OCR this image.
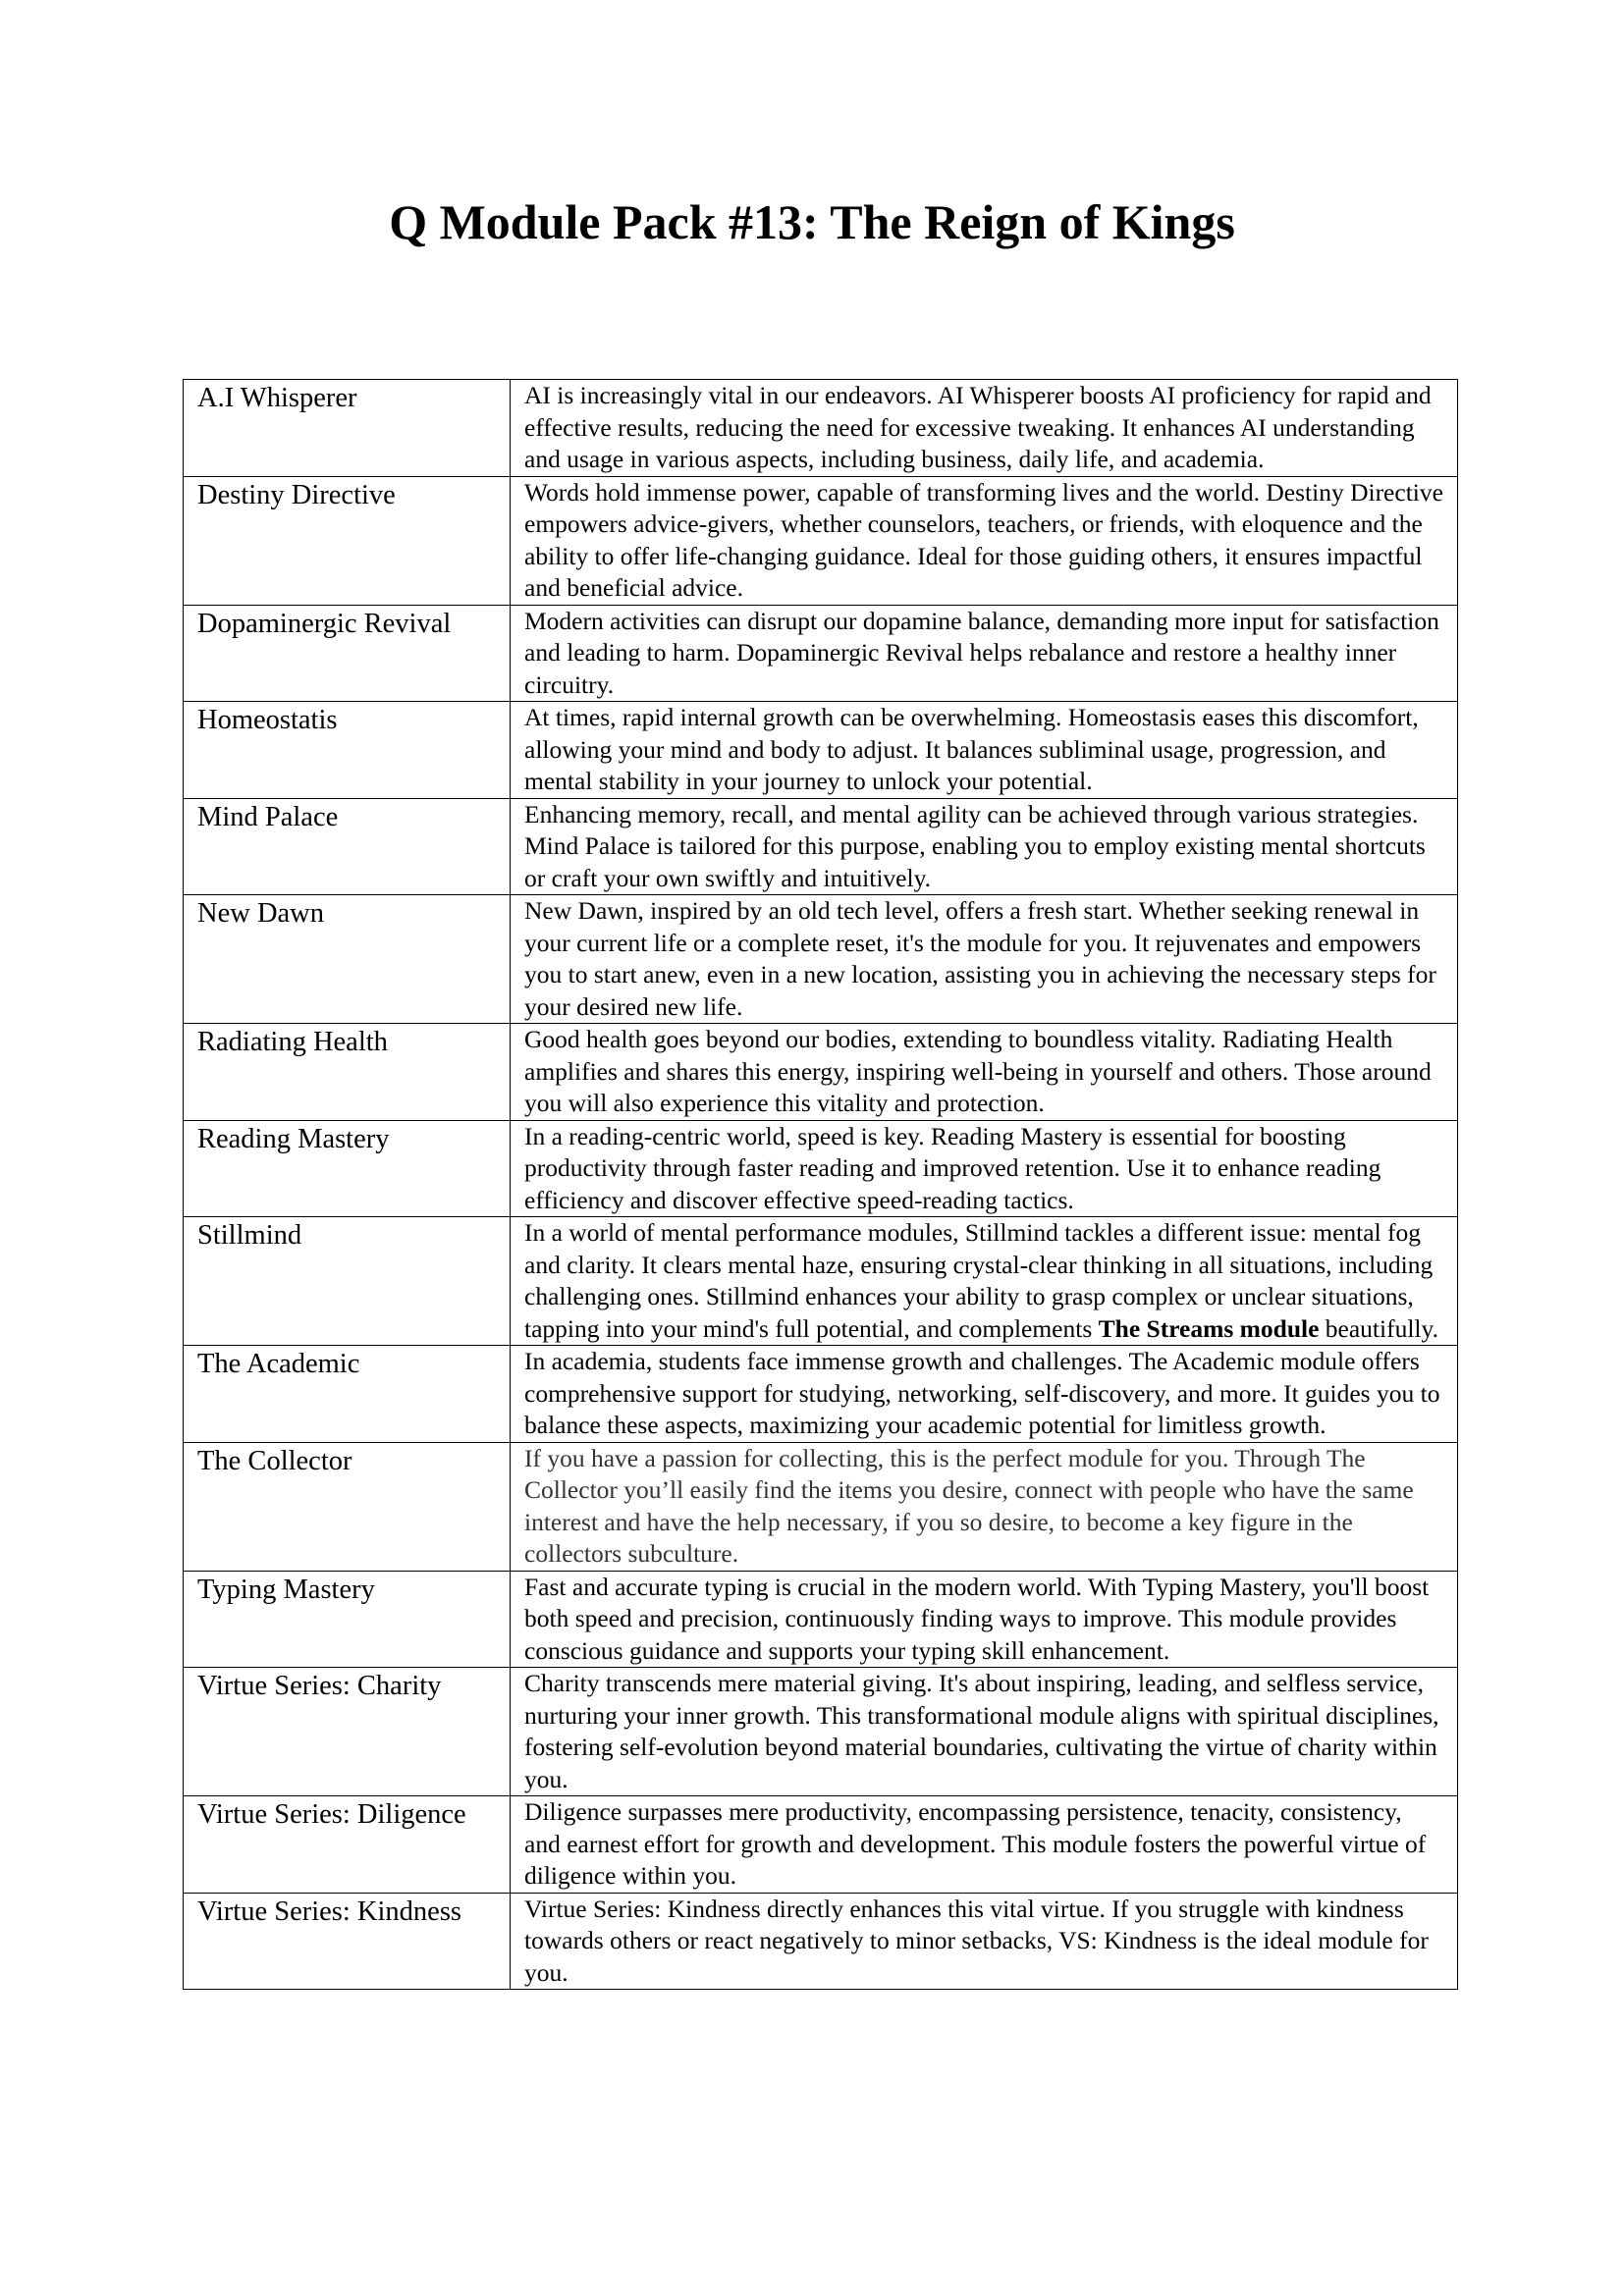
Q Module Pack #13: The Reign of Kings
A.I Whisperer	AI is increasingly vital in our endeavors. AI Whisperer boosts AI proficiency for rapid and effective results, reducing the need for excessive tweaking. It enhances AI understanding and usage in various aspects, including business, daily life, and academia.
Destiny Directive	Words hold immense power, capable of transforming lives and the world. Destiny Directive empowers advice-givers, whether counselors, teachers, or friends, with eloquence and the ability to offer life-changing guidance. Ideal for those guiding others, it ensures impactful and beneficial advice.
Dopaminergic Revival	Modern activities can disrupt our dopamine balance, demanding more input for satisfaction and leading to harm. Dopaminergic Revival helps rebalance and restore a healthy inner circuitry.
Homeostatis	At times, rapid internal growth can be overwhelming. Homeostasis eases this discomfort, allowing your mind and body to adjust. It balances subliminal usage, progression, and mental stability in your journey to unlock your potential.
Mind Palace	Enhancing memory, recall, and mental agility can be achieved through various strategies. Mind Palace is tailored for this purpose, enabling you to employ existing mental shortcuts or craft your own swiftly and intuitively.
New Dawn	New Dawn, inspired by an old tech level, offers a fresh start. Whether seeking renewal in your current life or a complete reset, it's the module for you. It rejuvenates and empowers you to start anew, even in a new location, assisting you in achieving the necessary steps for your desired new life.
Radiating Health	Good health goes beyond our bodies, extending to boundless vitality. Radiating Health amplifies and shares this energy, inspiring well-being in yourself and others. Those around you will also experience this vitality and protection.
Reading Mastery	In a reading-centric world, speed is key. Reading Mastery is essential for boosting productivity through faster reading and improved retention. Use it to enhance reading efficiency and discover effective speed-reading tactics.
Stillmind	In a world of mental performance modules, Stillmind tackles a different issue: mental fog and clarity. It clears mental haze, ensuring crystal-clear thinking in all situations, including challenging ones. Stillmind enhances your ability to grasp complex or unclear situations, tapping into your mind's full potential, and complements The Streams module beautifully.
The Academic	In academia, students face immense growth and challenges. The Academic module offers comprehensive support for studying, networking, self-discovery, and more. It guides you to balance these aspects, maximizing your academic potential for limitless growth.
The Collector	If you have a passion for collecting, this is the perfect module for you. Through The Collector you’ll easily find the items you desire, connect with people who have the same interest and have the help necessary, if you so desire, to become a key figure in the collectors subculture.
Typing Mastery	Fast and accurate typing is crucial in the modern world. With Typing Mastery, you'll boost both speed and precision, continuously finding ways to improve. This module provides conscious guidance and supports your typing skill enhancement.
Virtue Series: Charity	Charity transcends mere material giving. It's about inspiring, leading, and selfless service, nurturing your inner growth. This transformational module aligns with spiritual disciplines, fostering self-evolution beyond material boundaries, cultivating the virtue of charity within you.
Virtue Series: Diligence	Diligence surpasses mere productivity, encompassing persistence, tenacity, consistency, and earnest effort for growth and development. This module fosters the powerful virtue of diligence within you.
Virtue Series: Kindness	Virtue Series: Kindness directly enhances this vital virtue. If you struggle with kindness towards others or react negatively to minor setbacks, VS: Kindness is the ideal module for you.
